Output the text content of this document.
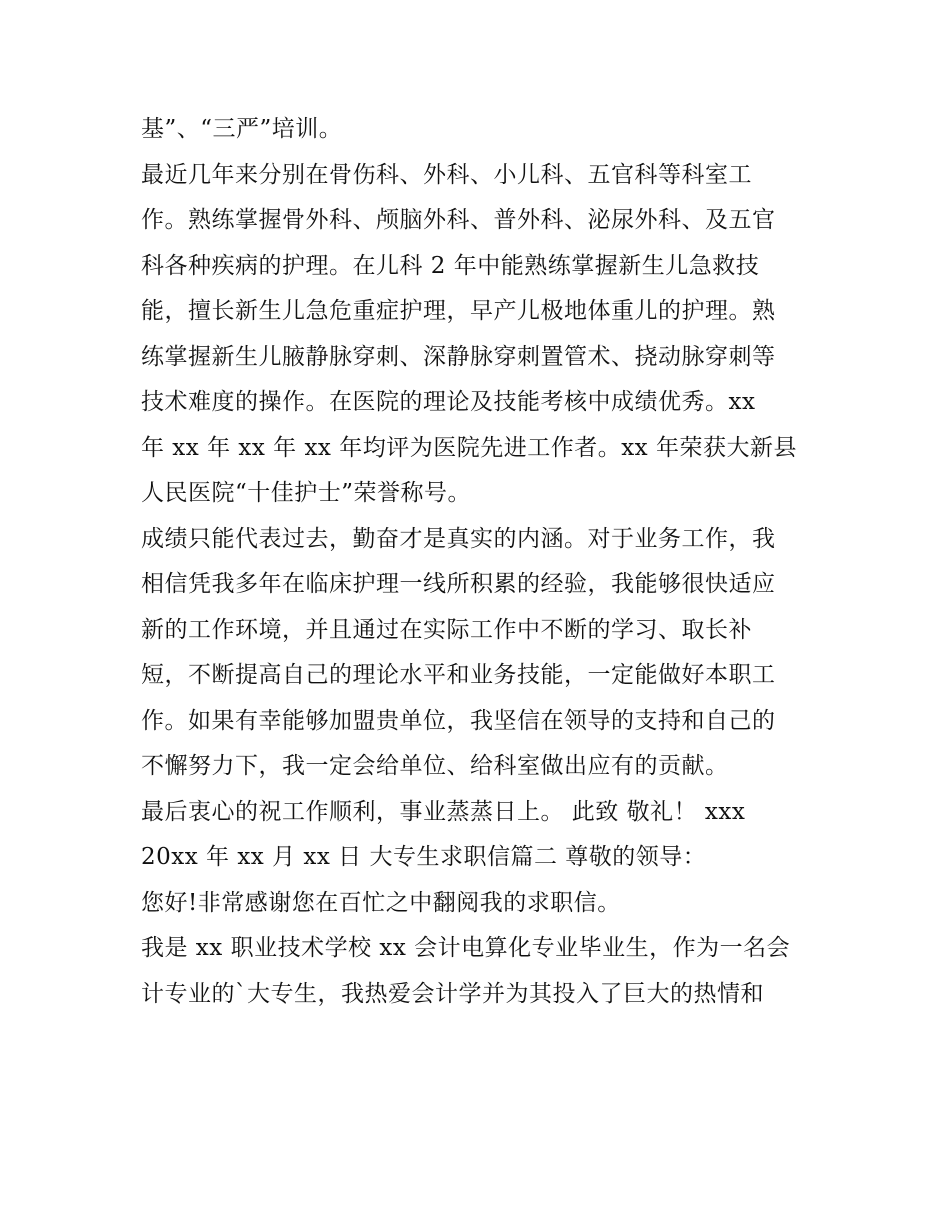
基”、“三严”培训。
最近几年来分别在骨伤科、外科、小儿科、五官科等科室工
作。熟练掌握骨外科、颅脑外科、普外科、泌尿外科、及五官
科各种疾病的护理。在儿科 2 年中能熟练掌握新生儿急救技
能，擅长新生儿急危重症护理，早产儿极地体重儿的护理。熟
练掌握新生儿腋静脉穿刺、深静脉穿刺置管术、挠动脉穿刺等
技术难度的操作。在医院的理论及技能考核中成绩优秀。xx
年 xx 年 xx 年 xx 年均评为医院先进工作者。xx 年荣获大新县
人民医院“十佳护士”荣誉称号。
成绩只能代表过去，勤奋才是真实的内涵。对于业务工作，我
相信凭我多年在临床护理一线所积累的经验，我能够很快适应
新的工作环境，并且通过在实际工作中不断的学习、取长补
短，不断提高自己的理论水平和业务技能，一定能做好本职工
作。如果有幸能够加盟贵单位，我坚信在领导的支持和自己的
不懈努力下，我一定会给单位、给科室做出应有的贡献。
最后衷心的祝工作顺利，事业蒸蒸日上。 此致 敬礼！ xxx
20xx 年 xx 月 xx 日 大专生求职信篇二 尊敬的领导：
您好!非常感谢您在百忙之中翻阅我的求职信。
我是 xx 职业技术学校 xx 会计电算化专业毕业生，作为一名会
计专业的`大专生，我热爱会计学并为其投入了巨大的热情和
